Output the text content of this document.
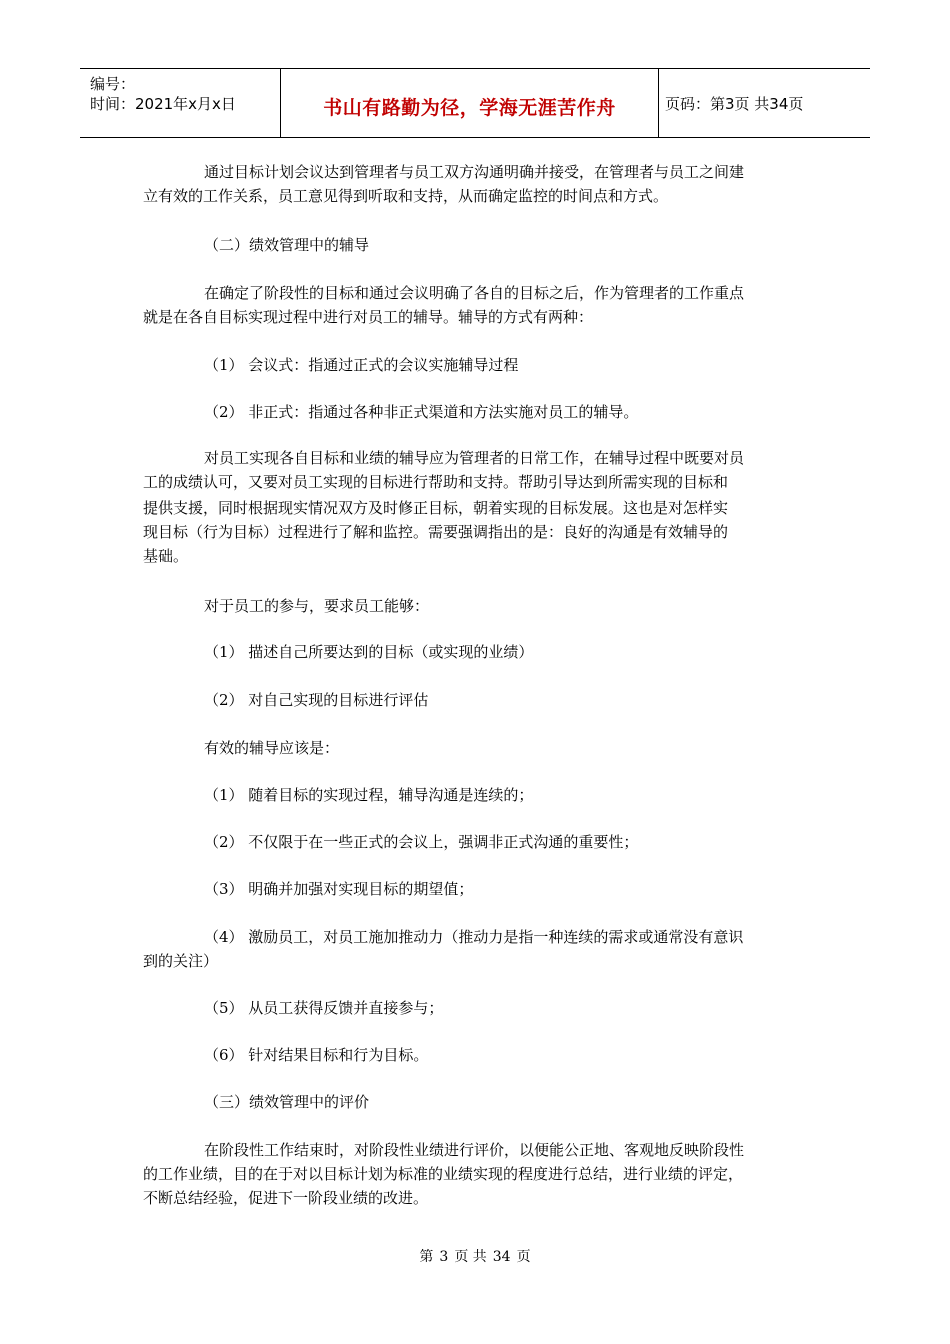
编号：
时间：2021年x月x日	书山有路勤为径，学海无涯苦作舟	页码：第3页 共34页
通过目标计划会议达到管理者与员工双方沟通明确并接受，在管理者与员工之间建
立有效的工作关系，员工意见得到听取和支持，从而确定监控的时间点和方式。
（二）绩效管理中的辅导
在确定了阶段性的目标和通过会议明确了各自的目标之后，作为管理者的工作重点
就是在各自目标实现过程中进行对员工的辅导。辅导的方式有两种：
（1） 会议式：指通过正式的会议实施辅导过程
（2） 非正式：指通过各种非正式渠道和方法实施对员工的辅导。
对员工实现各自目标和业绩的辅导应为管理者的日常工作，在辅导过程中既要对员
工的成绩认可，又要对员工实现的目标进行帮助和支持。帮助引导达到所需实现的目标和
提供支援，同时根据现实情况双方及时修正目标，朝着实现的目标发展。这也是对怎样实
现目标（行为目标）过程进行了解和监控。需要强调指出的是：良好的沟通是有效辅导的
基础。
对于员工的参与，要求员工能够：
（1） 描述自己所要达到的目标（或实现的业绩）
（2） 对自己实现的目标进行评估
有效的辅导应该是：
（1） 随着目标的实现过程，辅导沟通是连续的；
（2） 不仅限于在一些正式的会议上，强调非正式沟通的重要性；
（3） 明确并加强对实现目标的期望值；
（4） 激励员工，对员工施加推动力（推动力是指一种连续的需求或通常没有意识
到的关注）
（5） 从员工获得反馈并直接参与；
（6） 针对结果目标和行为目标。
（三）绩效管理中的评价
在阶段性工作结束时，对阶段性业绩进行评价，以便能公正地、客观地反映阶段性
的工作业绩，目的在于对以目标计划为标准的业绩实现的程度进行总结，进行业绩的评定，
不断总结经验，促进下一阶段业绩的改进。
第 3 页 共 34 页
